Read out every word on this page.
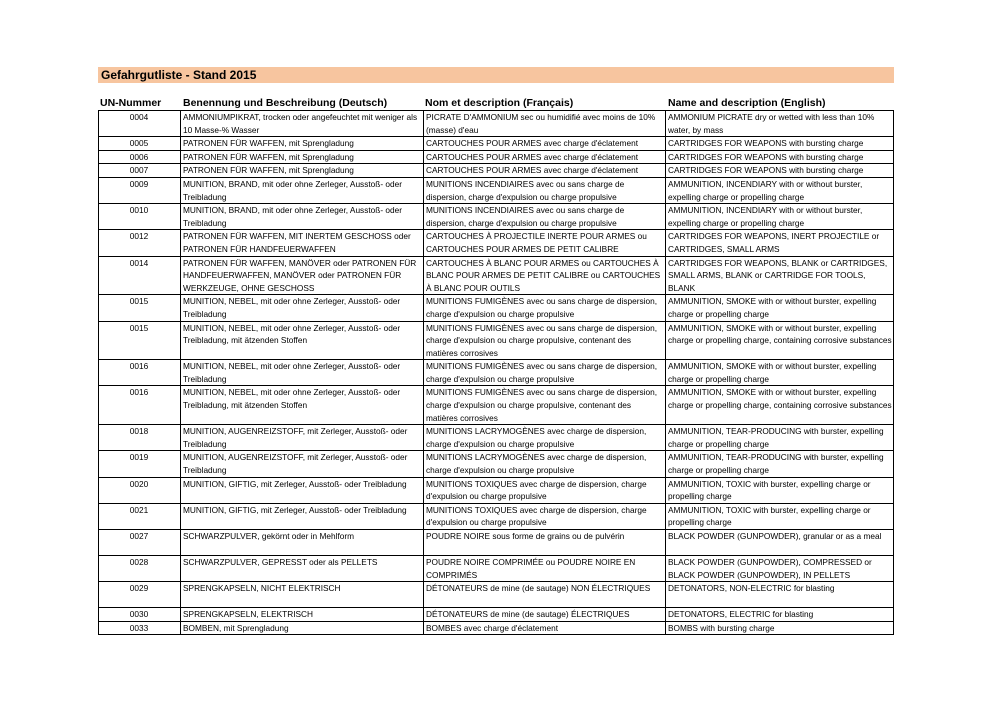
Gefahrgutliste - Stand 2015
UN-Nummer Benennung und Beschreibung (Deutsch)	Nom et description (Français)	Name and description (English)
0004	AMMONIUMPIKRAT, trocken oder angefeuchtet mit weniger als 10 Masse-% Wasser	PICRATE D'AMMONIUM sec ou humidifié avec moins de 10% (masse) d'eau	AMMONIUM PICRATE dry or wetted with less than 10% water, by mass
0005	PATRONEN FÜR WAFFEN, mit Sprengladung	CARTOUCHES POUR ARMES avec charge d'éclatement	CARTRIDGES FOR WEAPONS with bursting charge
0006	PATRONEN FÜR WAFFEN, mit Sprengladung	CARTOUCHES POUR ARMES avec charge d'éclatement	CARTRIDGES FOR WEAPONS with bursting charge
0007	PATRONEN FÜR WAFFEN, mit Sprengladung	CARTOUCHES POUR ARMES avec charge d'éclatement	CARTRIDGES FOR WEAPONS with bursting charge
0009	MUNITION, BRAND, mit oder ohne Zerleger, Ausstoß- oder Treibladung	MUNITIONS INCENDIAIRES avec ou sans charge de dispersion, charge d'expulsion ou charge propulsive	AMMUNITION, INCENDIARY with or without burster, expelling charge or propelling charge
0010	MUNITION, BRAND, mit oder ohne Zerleger, Ausstoß- oder Treibladung	MUNITIONS INCENDIAIRES avec ou sans charge de dispersion, charge d'expulsion ou charge propulsive	AMMUNITION, INCENDIARY with or without burster, expelling charge or propelling charge
0012	PATRONEN FÜR WAFFEN, MIT INERTEM GESCHOSS oder PATRONEN FÜR HANDFEUERWAFFEN	CARTOUCHES À PROJECTILE INERTE POUR ARMES ou CARTOUCHES POUR ARMES DE PETIT CALIBRE	CARTRIDGES FOR WEAPONS, INERT PROJECTILE or CARTRIDGES, SMALL ARMS
0014	PATRONEN FÜR WAFFEN, MANÖVER oder PATRONEN FÜR HANDFEUERWAFFEN, MANÖVER oder PATRONEN FÜR WERKZEUGE, OHNE GESCHOSS	CARTOUCHES À BLANC POUR ARMES ou CARTOUCHES À BLANC POUR ARMES DE PETIT CALIBRE ou CARTOUCHES À BLANC POUR OUTILS	CARTRIDGES FOR WEAPONS, BLANK or CARTRIDGES, SMALL ARMS, BLANK or CARTRIDGE FOR TOOLS, BLANK
0015	MUNITION, NEBEL, mit oder ohne Zerleger, Ausstoß- oder Treibladung	MUNITIONS FUMIGÈNES avec ou sans charge de dispersion, charge d'expulsion ou charge propulsive	AMMUNITION, SMOKE with or without burster, expelling charge or propelling charge
0015	MUNITION, NEBEL, mit oder ohne Zerleger, Ausstoß- oder Treibladung, mit ätzenden Stoffen	MUNITIONS FUMIGÈNES avec ou sans charge de dispersion, charge d'expulsion ou charge propulsive, contenant des matières corrosives	AMMUNITION, SMOKE with or without burster, expelling charge or propelling charge, containing corrosive substances
0016	MUNITION, NEBEL, mit oder ohne Zerleger, Ausstoß- oder Treibladung	MUNITIONS FUMIGÈNES avec ou sans charge de dispersion, charge d'expulsion ou charge propulsive	AMMUNITION, SMOKE with or without burster, expelling charge or propelling charge
0016	MUNITION, NEBEL, mit oder ohne Zerleger, Ausstoß- oder Treibladung, mit ätzenden Stoffen	MUNITIONS FUMIGÈNES avec ou sans charge de dispersion, charge d'expulsion ou charge propulsive, contenant des matières corrosives	AMMUNITION, SMOKE with or without burster, expelling charge or propelling charge, containing corrosive substances
0018	MUNITION, AUGENREIZSTOFF, mit Zerleger, Ausstoß- oder Treibladung	MUNITIONS LACRYMOGÈNES avec charge de dispersion, charge d'expulsion ou charge propulsive	AMMUNITION, TEAR-PRODUCING with burster, expelling charge or propelling charge
0019	MUNITION, AUGENREIZSTOFF, mit Zerleger, Ausstoß- oder Treibladung	MUNITIONS LACRYMOGÈNES avec charge de dispersion, charge d'expulsion ou charge propulsive	AMMUNITION, TEAR-PRODUCING with burster, expelling charge or propelling charge
0020	MUNITION, GIFTIG, mit Zerleger, Ausstoß- oder Treibladung	MUNITIONS TOXIQUES avec charge de dispersion, charge d'expulsion ou charge propulsive	AMMUNITION, TOXIC with burster, expelling charge or propelling charge
0021	MUNITION, GIFTIG, mit Zerleger, Ausstoß- oder Treibladung	MUNITIONS TOXIQUES avec charge de dispersion, charge d'expulsion ou charge propulsive	AMMUNITION, TOXIC with burster, expelling charge or propelling charge
0027	SCHWARZPULVER, gekörnt oder in Mehlform	POUDRE NOIRE sous forme de grains ou de pulvérin	BLACK POWDER (GUNPOWDER), granular or as a meal
0028	SCHWARZPULVER, GEPRESST oder als PELLETS	POUDRE NOIRE COMPRIMÉE ou POUDRE NOIRE EN COMPRIMÉS	BLACK POWDER (GUNPOWDER), COMPRESSED or BLACK POWDER (GUNPOWDER), IN PELLETS
0029	SPRENGKAPSELN, NICHT ELEKTRISCH	DÉTONATEURS de mine (de sautage) NON ÉLECTRIQUES	DETONATORS, NON-ELECTRIC for blasting
0030	SPRENGKAPSELN, ELEKTRISCH	DÉTONATEURS de mine (de sautage) ÉLECTRIQUES	DETONATORS, ELECTRIC for blasting
0033	BOMBEN, mit Sprengladung	BOMBES avec charge d'éclatement	BOMBS with bursting charge
